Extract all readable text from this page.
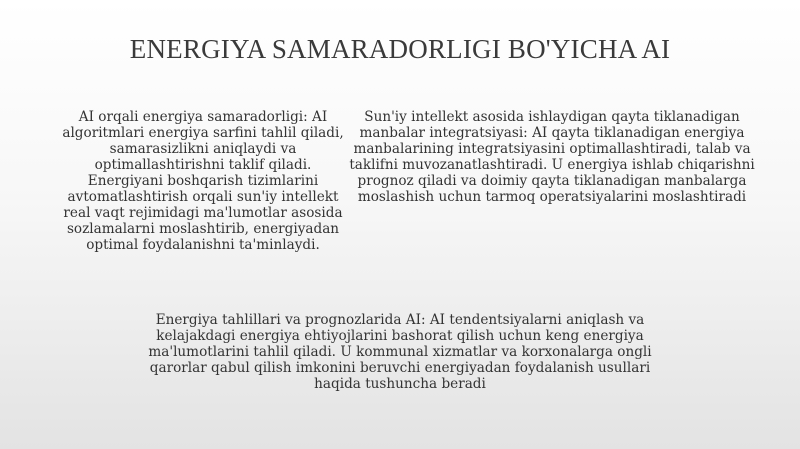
ENERGIYA SAMARADORLIGI BO'YICHA AI

AI orqali energiya samaradorligi: AI algoritmlari energiya sarfini tahlil qiladi, samarasizlikni aniqlaydi va optimallashtirishni taklif qiladi. Energiyani boshqarish tizimlarini avtomatlashtirish orqali sun'iy intellekt real vaqt rejimidagi ma'lumotlar asosida sozlamalarni moslashtirib, energiyadan optimal foydalanishni ta'minlaydi.

Sun'iy intellekt asosida ishlaydigan qayta tiklanadigan manbalar integratsiyasi: AI qayta tiklanadigan energiya manbalarining integratsiyasini optimallashtiradi, talab va taklifni muvozanatlashtiradi. U energiya ishlab chiqarishni prognoz qiladi va doimiy qayta tiklanadigan manbalarga moslashish uchun tarmoq operatsiyalarini moslashtiradi

Energiya tahlillari va prognozlarida AI: AI tendentsiyalarni aniqlash va kelajakdagi energiya ehtiyojlarini bashorat qilish uchun keng energiya ma'lumotlarini tahlil qiladi. U kommunal xizmatlar va korxonalarga ongli qarorlar qabul qilish imkonini beruvchi energiyadan foydalanish usullari haqida tushuncha beradi
